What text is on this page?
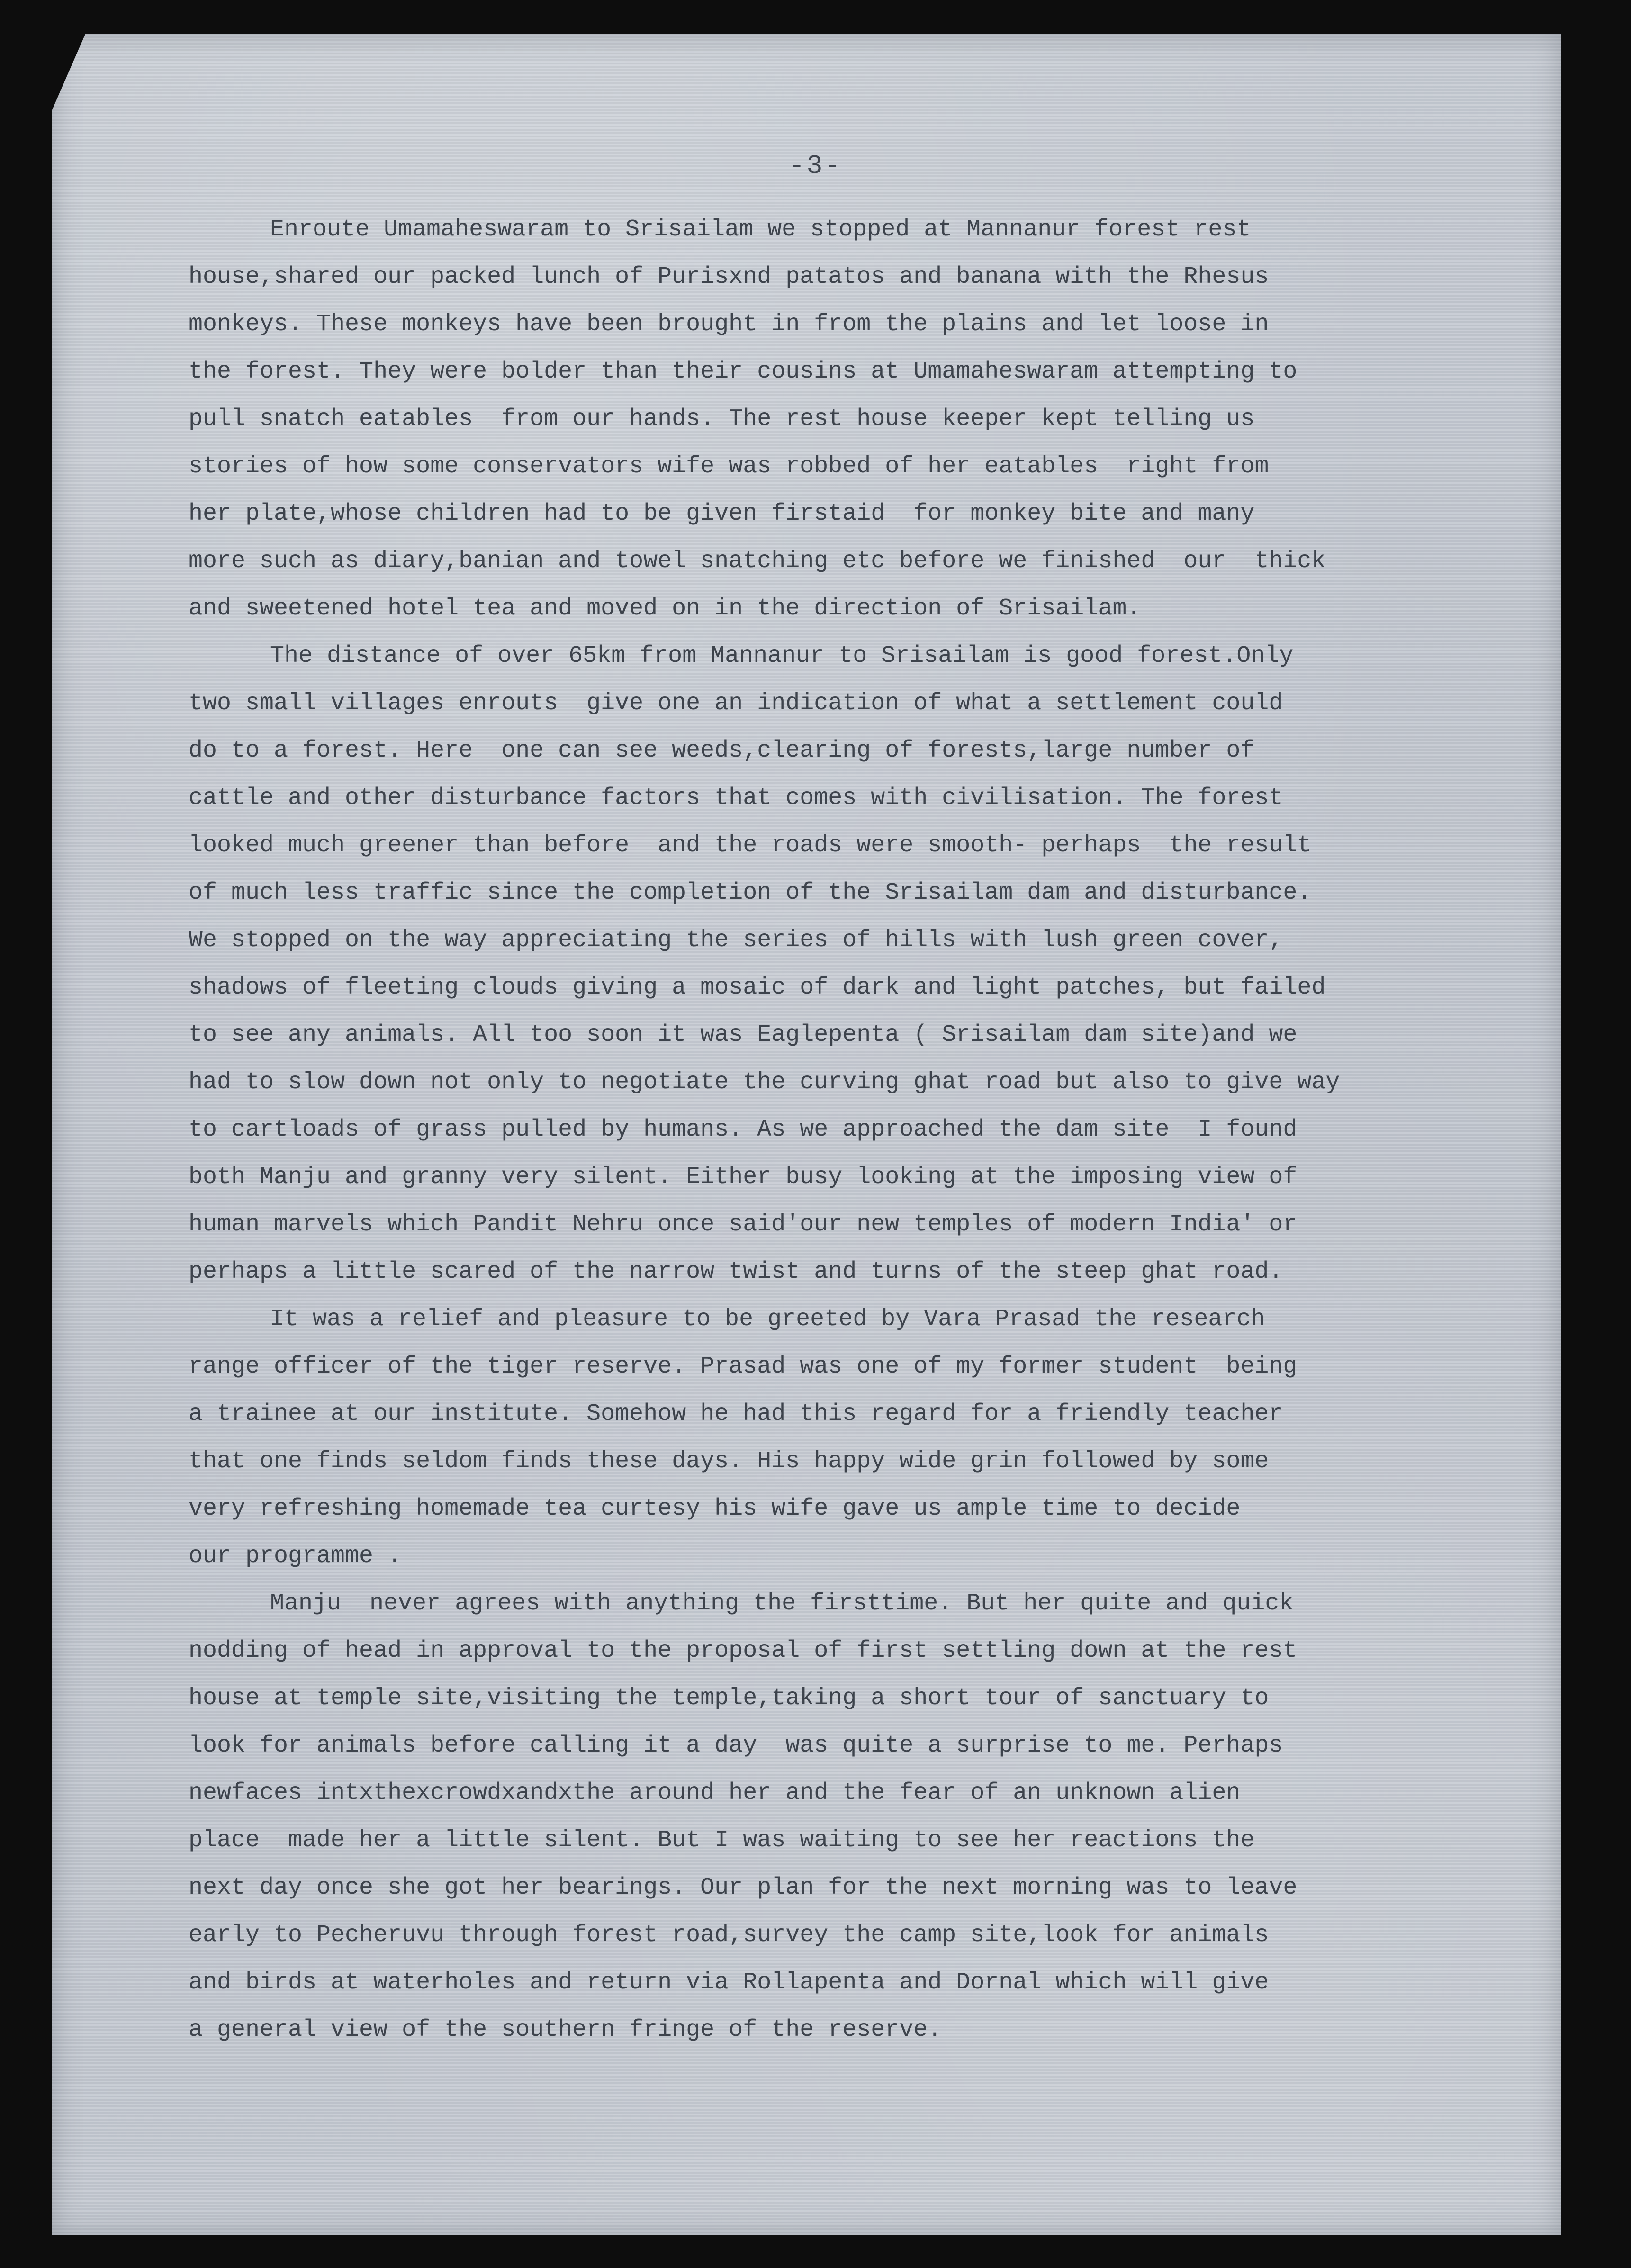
-3-
Enroute Umamaheswaram to Srisailam we stopped at Mannanur forest rest
house,shared our packed lunch of Purisxnd patatos and banana with the Rhesus
monkeys. These monkeys have been brought in from the plains and let loose in
the forest. They were bolder than their cousins at Umamaheswaram attempting to
pull snatch eatables  from our hands. The rest house keeper kept telling us
stories of how some conservators wife was robbed of her eatables  right from
her plate,whose children had to be given firstaid  for monkey bite and many
more such as diary,banian and towel snatching etc before we finished  our  thick
and sweetened hotel tea and moved on in the direction of Srisailam.
The distance of over 65km from Mannanur to Srisailam is good forest.Only
two small villages enrouts  give one an indication of what a settlement could
do to a forest. Here  one can see weeds,clearing of forests,large number of
cattle and other disturbance factors that comes with civilisation. The forest
looked much greener than before  and the roads were smooth- perhaps  the result
of much less traffic since the completion of the Srisailam dam and disturbance.
We stopped on the way appreciating the series of hills with lush green cover,
shadows of fleeting clouds giving a mosaic of dark and light patches, but failed
to see any animals. All too soon it was Eaglepenta ( Srisailam dam site)and we
had to slow down not only to negotiate the curving ghat road but also to give way
to cartloads of grass pulled by humans. As we approached the dam site  I found
both Manju and granny very silent. Either busy looking at the imposing view of
human marvels which Pandit Nehru once said'our new temples of modern India' or
perhaps a little scared of the narrow twist and turns of the steep ghat road.
It was a relief and pleasure to be greeted by Vara Prasad the research
range officer of the tiger reserve. Prasad was one of my former student  being
a trainee at our institute. Somehow he had this regard for a friendly teacher
that one finds seldom finds these days. His happy wide grin followed by some
very refreshing homemade tea curtesy his wife gave us ample time to decide
our programme .
Manju  never agrees with anything the firsttime. But her quite and quick
nodding of head in approval to the proposal of first settling down at the rest
house at temple site,visiting the temple,taking a short tour of sanctuary to
look for animals before calling it a day  was quite a surprise to me. Perhaps
newfaces intxthexcrowdxandxthe around her and the fear of an unknown alien
place  made her a little silent. But I was waiting to see her reactions the
next day once she got her bearings. Our plan for the next morning was to leave
early to Pecheruvu through forest road,survey the camp site,look for animals
and birds at waterholes and return via Rollapenta and Dornal which will give
a general view of the southern fringe of the reserve.
